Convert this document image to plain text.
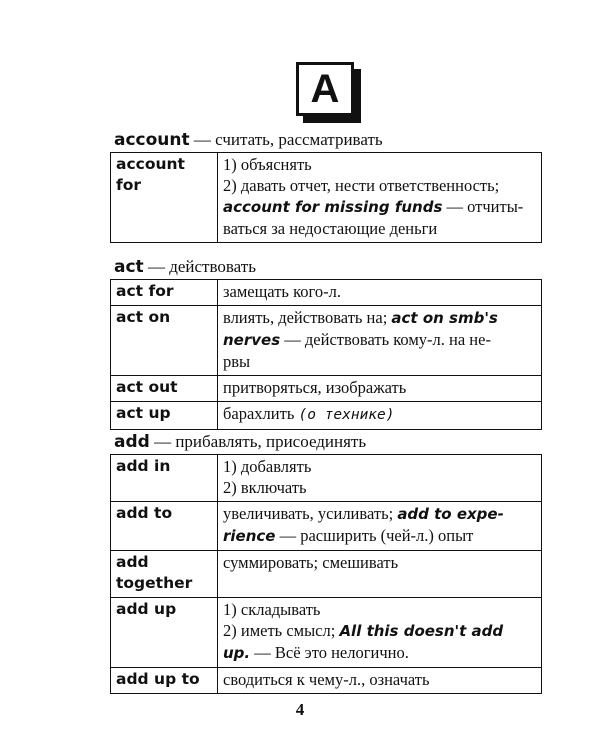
A
account — считать, рассматривать
account
for	1) объяснять
2) давать отчет, нести ответственность;
account for missing funds — отчиты-
ваться за недостающие деньги
act — действовать
act for	замещать кого-л.
act on	влиять, действовать на; act on smb's
nerves — действовать кому-л. на не-
рвы
act out	притворяться, изображать
act up	барахлить (о технике)
add — прибавлять, присоединять
add in	1) добавлять
2) включать
add to	увеличивать, усиливать; add to expe-
rience — расширить (чей-л.) опыт
add
together	суммировать; смешивать
add up	1) складывать
2) иметь смысл; All this doesn't add
up. — Всё это нелогично.
add up to	сводиться к чему-л., означать
4
